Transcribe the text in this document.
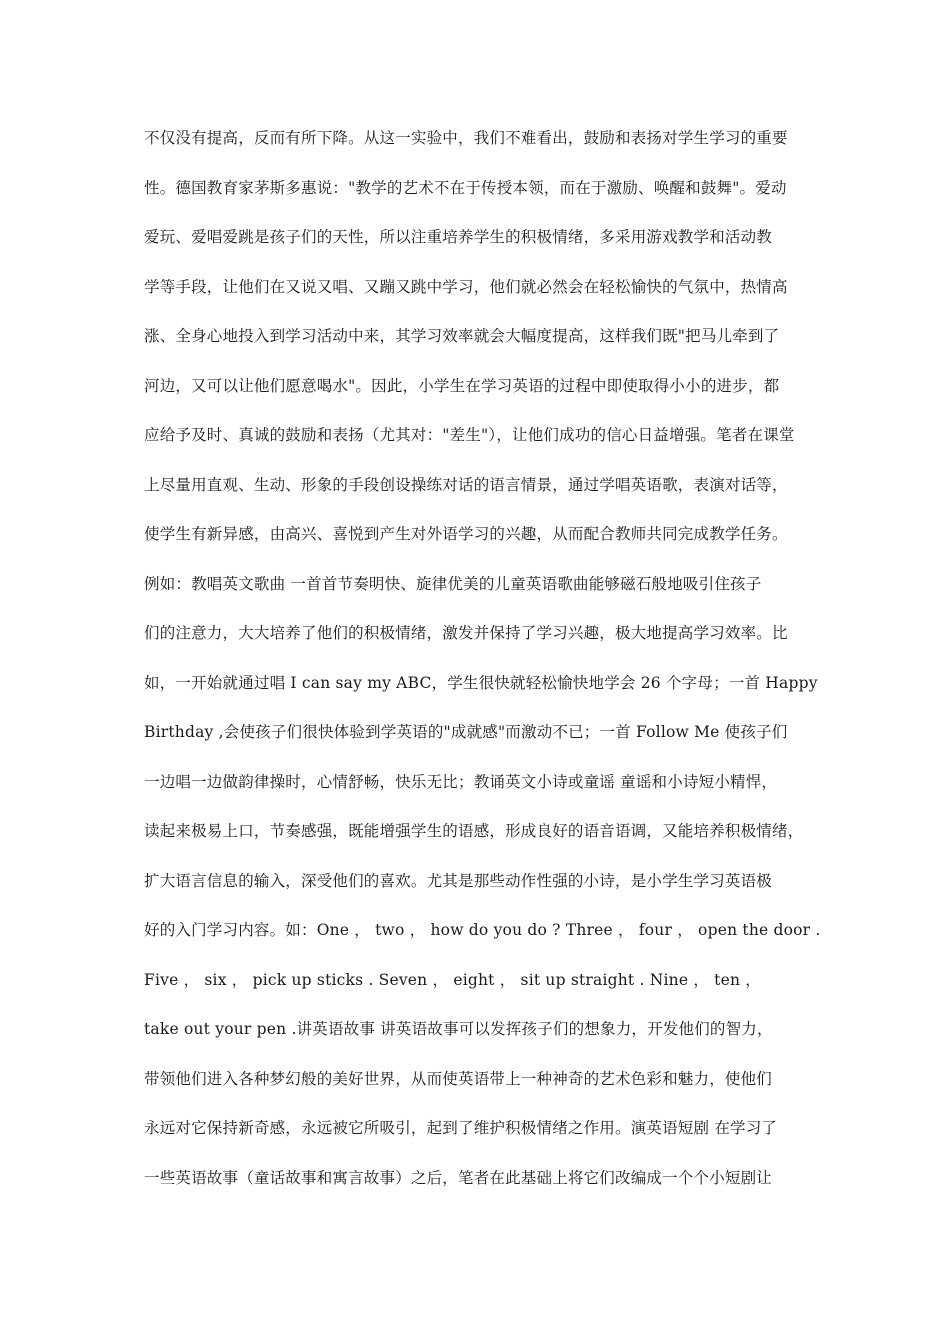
不仅没有提高，反而有所下降。从这一实验中，我们不难看出，鼓励和表扬对学生学习的重要
性。德国教育家茅斯多惠说："教学的艺术不在于传授本领，而在于激励、唤醒和鼓舞"。爱动
爱玩、爱唱爱跳是孩子们的天性，所以注重培养学生的积极情绪，多采用游戏教学和活动教
学等手段，让他们在又说又唱、又蹦又跳中学习，他们就必然会在轻松愉快的气氛中，热情高
涨、全身心地投入到学习活动中来，其学习效率就会大幅度提高，这样我们既"把马儿牵到了
河边，又可以让他们愿意喝水"。因此，小学生在学习英语的过程中即使取得小小的进步，都
应给予及时、真诚的鼓励和表扬（尤其对："差生"），让他们成功的信心日益增强。笔者在课堂
上尽量用直观、生动、形象的手段创设操练对话的语言情景，通过学唱英语歌，表演对话等，
使学生有新异感，由高兴、喜悦到产生对外语学习的兴趣，从而配合教师共同完成教学任务。
例如：教唱英文歌曲 一首首节奏明快、旋律优美的儿童英语歌曲能够磁石般地吸引住孩子
们的注意力，大大培养了他们的积极情绪，激发并保持了学习兴趣，极大地提高学习效率。比
如，一开始就通过唱 I can say my ABC，学生很快就轻松愉快地学会 26 个字母；一首 Happy
Birthday ,会使孩子们很快体验到学英语的"成就感"而激动不已；一首 Follow Me 使孩子们
一边唱一边做韵律操时，心情舒畅，快乐无比；教诵英文小诗或童谣 童谣和小诗短小精悍，
读起来极易上口，节奏感强，既能增强学生的语感，形成良好的语音语调，又能培养积极情绪，
扩大语言信息的输入，深受他们的喜欢。尤其是那些动作性强的小诗，是小学生学习英语极
好的入门学习内容。如：One ， two ， how do you do ? Three ， four ， open the door .
Five ， six ， pick up sticks . Seven ， eight ， sit up straight . Nine ， ten ，
take out your pen .讲英语故事 讲英语故事可以发挥孩子们的想象力，开发他们的智力，
带领他们进入各种梦幻般的美好世界，从而使英语带上一种神奇的艺术色彩和魅力，使他们
永远对它保持新奇感，永远被它所吸引，起到了维护积极情绪之作用。演英语短剧 在学习了
一些英语故事（童话故事和寓言故事）之后，笔者在此基础上将它们改编成一个个小短剧让
